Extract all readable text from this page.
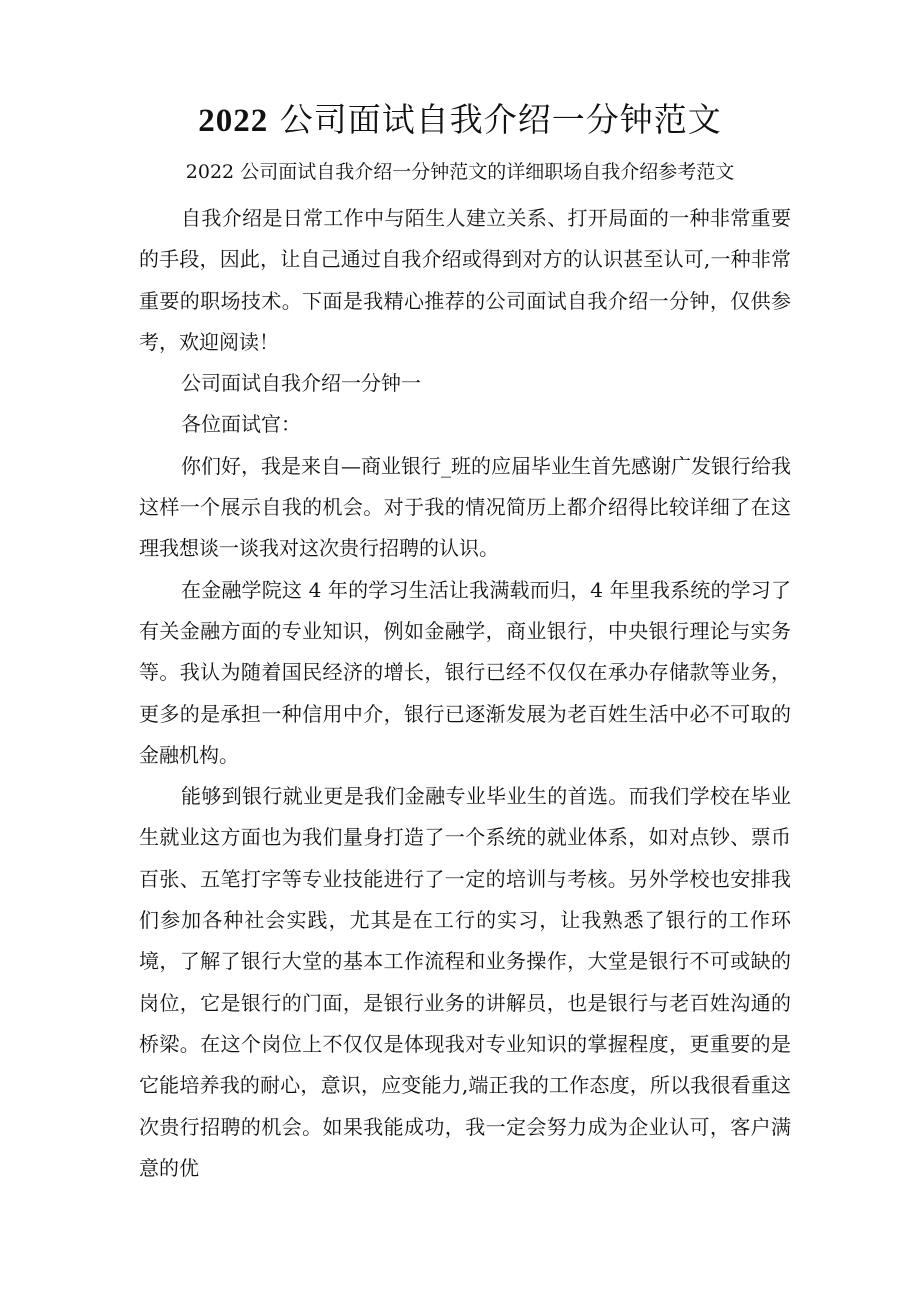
2022 公司面试自我介绍一分钟范文

2022 公司面试自我介绍一分钟范文的详细职场自我介绍参考范文

自我介绍是日常工作中与陌生人建立关系、打开局面的一种非常重要的手段，因此，让自己通过自我介绍或得到对方的认识甚至认可,一种非常重要的职场技术。下面是我精心推荐的公司面试自我介绍一分钟，仅供参考，欢迎阅读！

公司面试自我介绍一分钟一

各位面试官：

你们好，我是来自—商业银行_班的应届毕业生首先感谢广发银行给我这样一个展示自我的机会。对于我的情况简历上都介绍得比较详细了在这理我想谈一谈我对这次贵行招聘的认识。

在金融学院这 4 年的学习生活让我满载而归，4 年里我系统的学习了有关金融方面的专业知识，例如金融学，商业银行，中央银行理论与实务等。我认为随着国民经济的增长，银行已经不仅仅在承办存储款等业务，更多的是承担一种信用中介，银行已逐渐发展为老百姓生活中必不可取的金融机构。

能够到银行就业更是我们金融专业毕业生的首选。而我们学校在毕业生就业这方面也为我们量身打造了一个系统的就业体系，如对点钞、票币百张、五笔打字等专业技能进行了一定的培训与考核。另外学校也安排我们参加各种社会实践，尤其是在工行的实习，让我熟悉了银行的工作环境，了解了银行大堂的基本工作流程和业务操作，大堂是银行不可或缺的岗位，它是银行的门面，是银行业务的讲解员，也是银行与老百姓沟通的桥梁。在这个岗位上不仅仅是体现我对专业知识的掌握程度，更重要的是它能培养我的耐心，意识，应变能力,端正我的工作态度，所以我很看重这次贵行招聘的机会。如果我能成功，我一定会努力成为企业认可，客户满意的优
